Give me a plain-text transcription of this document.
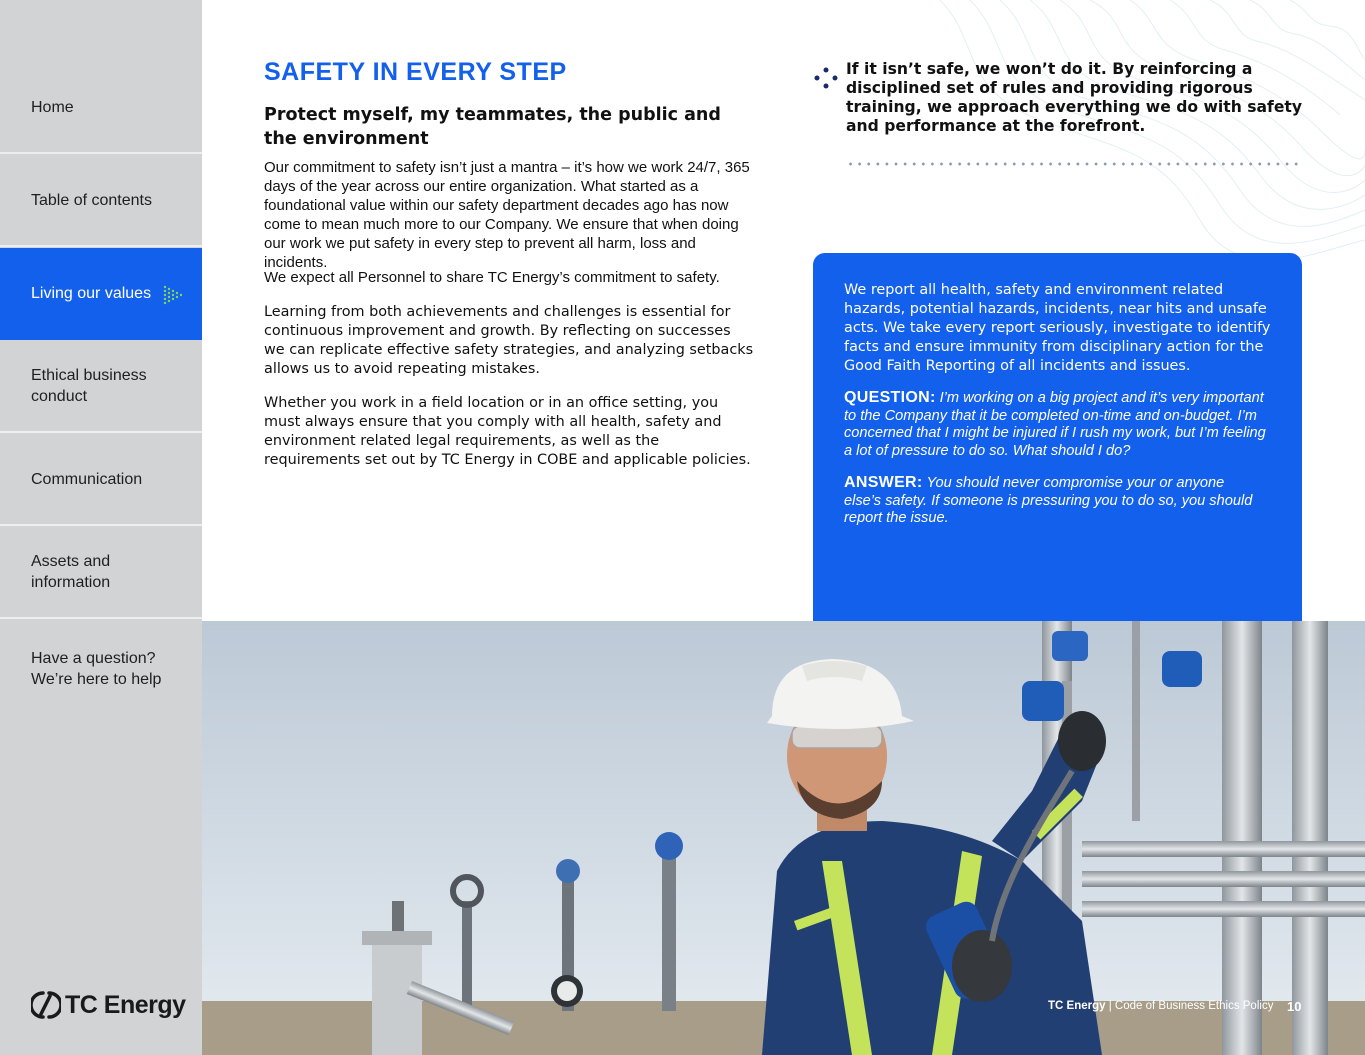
Home
Table of contents
Living our values
Ethical business conduct
Communication
Assets and information
Have a question? We’re here to help
TC Energy
SAFETY IN EVERY STEP
Protect myself, my teammates, the public and the environment

Our commitment to safety isn’t just a mantra – it’s how we work 24/7, 365 days of the year across our entire organization. What started as a foundational value within our safety department decades ago has now come to mean much more to our Company. We ensure that when doing our work we put safety in every step to prevent all harm, loss and incidents.

We expect all Personnel to share TC Energy’s commitment to safety.

Learning from both achievements and challenges is essential for continuous improvement and growth. By reflecting on successes we can replicate effective safety strategies, and analyzing setbacks allows us to avoid repeating mistakes.

Whether you work in a field location or in an office setting, you must always ensure that you comply with all health, safety and environment related legal requirements, as well as the requirements set out by TC Energy in COBE and applicable policies.

If it isn’t safe, we won’t do it. By reinforcing a disciplined set of rules and providing rigorous training, we approach everything we do with safety and performance at the forefront.

We report all health, safety and environment related hazards, potential hazards, incidents, near hits and unsafe acts. We take every report seriously, investigate to identify facts and ensure immunity from disciplinary action for the Good Faith Reporting of all incidents and issues.

QUESTION: I’m working on a big project and it’s very important to the Company that it be completed on-time and on-budget. I’m concerned that I might be injured if I rush my work, but I’m feeling a lot of pressure to do so. What should I do?

ANSWER: You should never compromise your or anyone else’s safety. If someone is pressuring you to do so, you should report the issue.

TC Energy | Code of Business Ethics Policy 10
